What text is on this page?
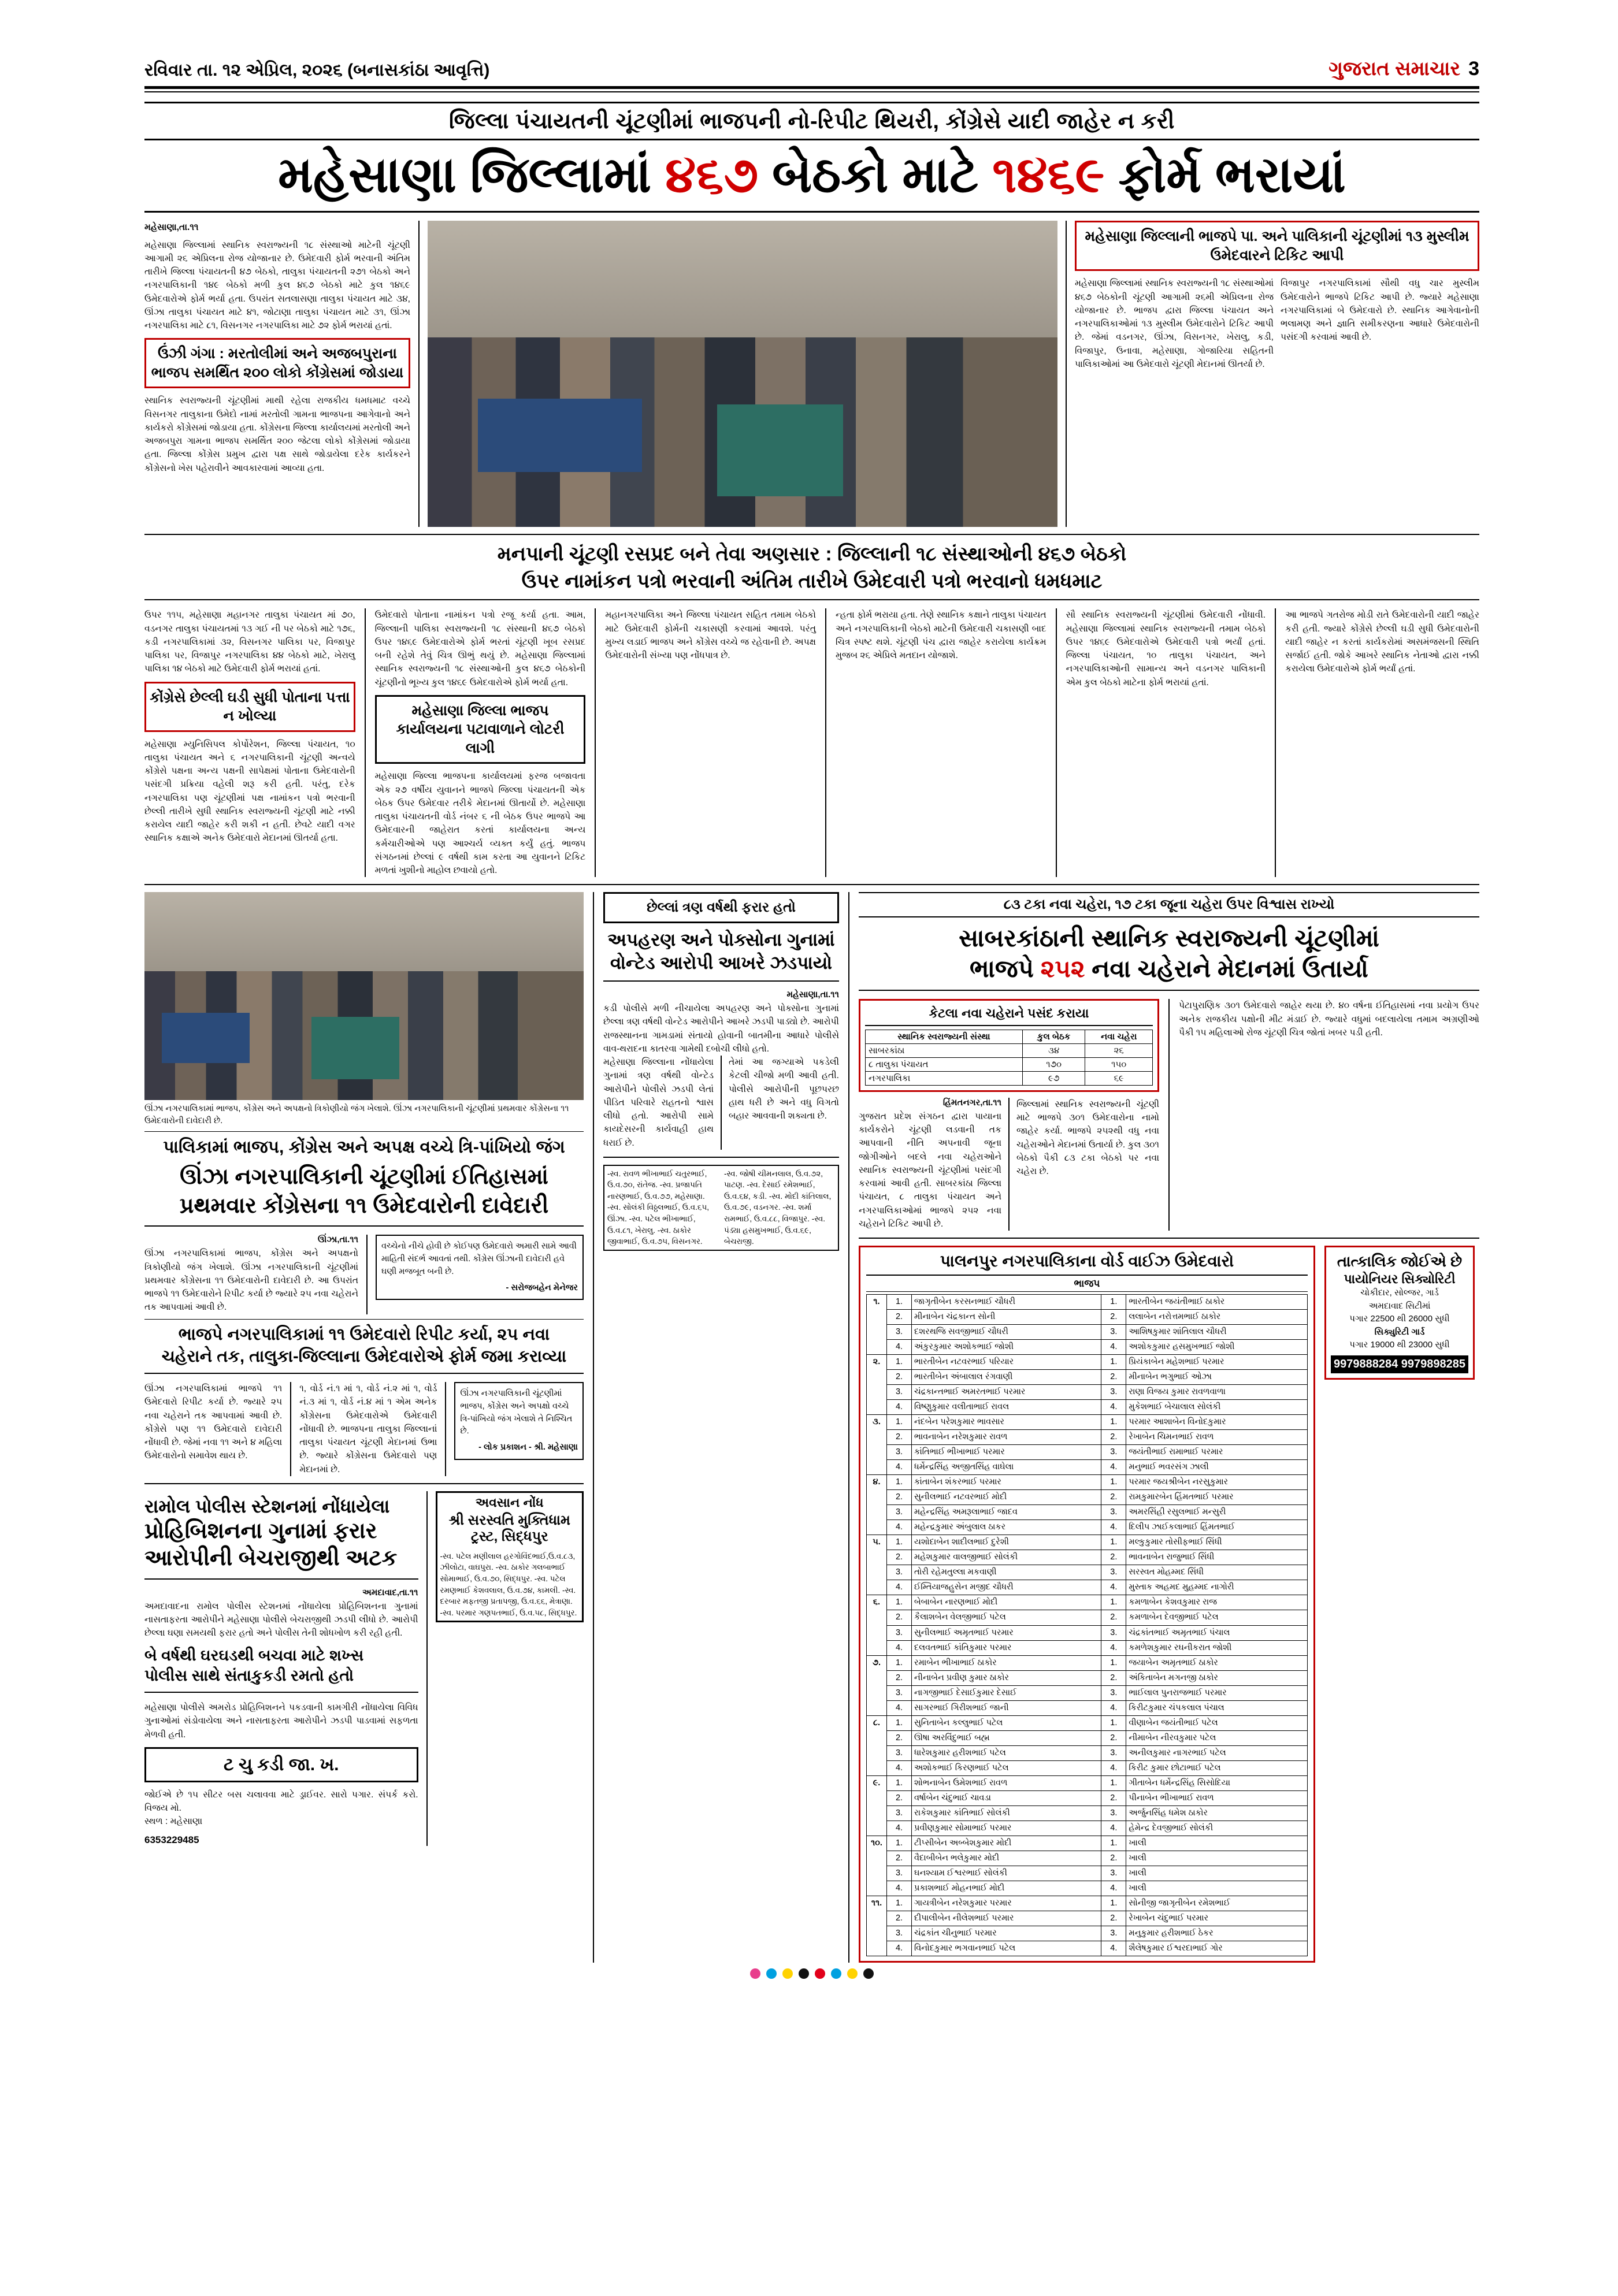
રવિવાર તા. ૧૨ એપ્રિલ, ૨૦૨૬ (બનાસકાંઠા આવૃત્તિ)	ગુજરાત સમાચાર 3
જિલ્લા પંચાયતની ચૂંટણીમાં ભાજપની નો-રિપીટ થિયરી, કોંગ્રેસે યાદી જાહેર ન કરી
મહેસાણા જિલ્લામાં ૪૬૭ બેઠકો માટે ૧૪૬૯ ફોર્મ ભરાયાં

મહેસાણા,તા.૧૧

મહેસાણા જિલ્લામાં સ્થાનિક સ્વરાજ્યની ૧૮ સંસ્થાઓ માટેની ચૂંટણી આગામી ૨૬ એપ્રિલના રોજ યોજાનાર છે. ઉમેદવારી ફોર્મ ભરવાની અંતિમ તારીખે જિલ્લા પંચાયતની ૪૭ બેઠકો, તાલુકા પંચાયતની ૨૭૧ બેઠકો અને નગરપાલિકાની ૧૪૯ બેઠકો મળી કુલ ૪૬૭ બેઠકો માટે કુલ ૧૪૬૯ ઉમેદવારોએ ફોર્મ ભર્યા હતા. ઉપરાંત સતલાસણા તાલુકા પંચાયત માટે ૩૪, ઊંઝા તાલુકા પંચાયત માટે ૪૧, જોટાણા તાલુકા પંચાયત માટે ૩૧, ઊંઝા નગરપાલિકા માટે ૮૧, વિસનગર નગરપાલિકા માટે ૭૨ ફોર્મ ભરાયાં હતાં.

ઉંઝી ગંગા : મરતોલીમાં અને અજબપુરાના ભાજપ સમર્થિત ૨૦૦ લોકો કોંગ્રેસમાં જોડાયા
સ્થાનિક સ્વરાજ્યની ચૂંટણીમાં માથી રહેલા રાજકીય ધમધમાટ વચ્ચે વિસનગર તાલુકાના ઉમેદો નામાં મરતોલી ગામના ભાજપના આગેવાનો અને કાર્યકરો કોંગ્રેસમાં જોડાયા હતા. કોંગ્રેસના જિલ્લા કાર્યાલયમાં મરતોલી અને અજબપુરા ગામના ભાજપ સમર્થિત ૨૦૦ જેટલા લોકો કોંગ્રેસમાં જોડાયા હતા. જિલ્લા કોંગ્રેસ પ્રમુખ દ્વારા પક્ષ સાથે જોડાયેલા દરેક કાર્યકરને કોંગ્રેસનો ખેસ પહેરાવીને આવકારવામાં આવ્યા હતા.
મહેસાણા જિલ્લાની ભાજપે પા. અને પાલિકાની ચૂંટણીમાં ૧૩ મુસ્લીમ ઉમેદવારને ટિકિટ આપી
મહેસાણા જિલ્લામાં સ્થાનિક સ્વરાજ્યની ૧૮ સંસ્થાઓમાં ૪૬૭ બેઠકોની ચૂંટણી આગામી ૨૬મી એપ્રિલના રોજ યોજાનાર છે. ભાજપ દ્વારા જિલ્લા પંચાયત અને નગરપાલિકાઓમાં ૧૩ મુસ્લીમ ઉમેદવારોને ટિકિટ આપી છે. જેમાં વડનગર, ઊંઝા, વિસનગર, ખેરાલુ, કડી, વિજાપુર, ઉનાવા, મહેસાણા, ગોજારિયા સહિતની પાલિકાઓમાં આ ઉમેદવારો ચૂંટણી મેદાનમાં ઊતર્યા છે.
વિજાપુર નગરપાલિકામાં સૌથી વધુ ચાર મુસ્લીમ ઉમેદવારોને ભાજપે ટિકિટ આપી છે. જ્યારે મહેસાણા નગરપાલિકામાં બે ઉમેદવારો છે. સ્થાનિક આગેવાનોની ભલામણ અને જ્ઞાતિ સમીકરણના આધારે ઉમેદવારોની પસંદગી કરવામાં આવી છે.
મનપાની ચૂંટણી રસપ્રદ બને તેવા અણસાર : જિલ્લાની ૧૮ સંસ્થાઓની ૪૬૭ બેઠકો
ઉપર નામાંકન પત્રો ભરવાની અંતિમ તારીખે ઉમેદવારી પત્રો ભરવાનો ધમધમાટ
ઉપર ૧૧૫, મહેસાણા મહાનગર તાલુકા પંચાયત માં ૭૦, વડનગર તાલુકા પંચાયતમાં ૧૩ ગઈ ની પર બેઠકો માટે ૧૭૬, કડી નગરપાલિકામાં ૩૨, વિસનગર પાલિકા પર, વિજાપુર પાલિકા પર, વિજાપુર નગરપાલિકા ૪૪ બેઠકો માટે, ખેરાલુ પાલિકા ૧૪ બેઠકો માટે ઉમેદવારી ફોર્મ ભરાયાં હતાં.
કોંગ્રેસે છેલ્લી ઘડી સુધી પોતાના પત્તા ન ખોલ્યા
મહેસાણા મ્યુનિસિપલ કોર્પોરેશન, જિલ્લા પંચાયત, ૧૦ તાલુકા પંચાયત અને ૬ નગરપાલિકાની ચૂંટણી અન્વયે કોંગ્રેસે પક્ષના અન્ય પક્ષની સાપેક્ષમાં પોતાના ઉમેદવારોની પસંદગી પ્રક્રિયા વહેલી શરૂ કરી હતી. પરંતુ, દરેક નગરપાલિકા પણ ચૂંટણીમાં પક્ષ નામાંકન પત્રો ભરવાની છેલ્લી તારીખે સુધી સ્થાનિક સ્વરાજ્યની ચૂંટણી માટે નક્કી કરાયેલ યાદી જાહેર કરી શકી ન હતી. છેવટે યાદી વગર સ્થાનિક કક્ષાએ અનેક ઉમેદવારો મેદાનમાં ઊતર્યા હતા.
ઉમેદવારો પોતાના નામાંકન પત્રો રજૂ કર્યા હતા. આમ, જિલ્લાની પાલિકા સ્વરાજ્યની ૧૮ સંસ્થાની ૪૬૭ બેઠકો ઉપર ૧૪૬૯ ઉમેદવારોએ ફોર્મ ભરતાં ચૂંટણી ખૂબ રસપ્રદ બની રહેશે તેવું ચિત્ર ઊભું થયું છે. મહેસાણા જિલ્લામાં સ્થાનિક સ્વરાજ્યની ૧૮ સંસ્થાઓની કુલ ૪૬૭ બેઠકોની ચૂંટણીનો ભૂખ્ય કુલ ૧૪૬૯ ઉમેદવારોએ ફોર્મ ભર્યા હતા.
મહેસાણા જિલ્લા ભાજપ કાર્યાલયના પટાવાળાને લોટરી લાગી
મહેસાણા જિલ્લા ભાજપના કાર્યાલયમાં ફરજ બજાવતા એક ૨૭ વર્ષીય યુવાનને ભાજપે જિલ્લા પંચાયતની એક બેઠક ઉપર ઉમેદવાર તરીકે મેદાનમાં ઊતાર્યો છે. મહેસાણા તાલુકા પંચાયતની વોર્ડ નંબર ૬ ની બેઠક ઉપર ભાજપે આ ઉમેદવારની જાહેરાત કરતાં કાર્યાલયના અન્ય કર્મચારીઓએ પણ આશ્ચર્ય વ્યક્ત કર્યું હતું. ભાજપ સંગઠનમાં છેલ્લાં ૯ વર્ષથી કામ કરતા આ યુવાનને ટિકિટ મળતાં ખુશીનો માહોલ છવાયો હતો.
મહાનગરપાલિકા અને જિલ્લા પંચાયત સહિત તમામ બેઠકો માટે ઉમેદવારી ફોર્મની ચકાસણી કરવામાં આવશે. પરંતુ મુખ્ય લડાઈ ભાજપ અને કોંગ્રેસ વચ્ચે જ રહેવાની છે. અપક્ષ ઉમેદવારોની સંખ્યા પણ નોંધપાત્ર છે.
ન્હતા ફોર્મ ભરાયા હતા. તેણે સ્થાનિક કક્ષાને તાલુકા પંચાયત અને નગરપાલિકાની બેઠકો માટેની ઉમેદવારી ચકાસણી બાદ ચિત્ર સ્પષ્ટ થશે. ચૂંટણી પંચ દ્વારા જાહેર કરાયેલા કાર્યક્રમ મુજબ ૨૬ એપ્રિલે મતદાન યોજાશે.
સૌ સ્થાનિક સ્વરાજ્યની ચૂંટણીમાં ઉમેદવારી નોંધાવી. મહેસાણા જિલ્લામાં સ્થાનિક સ્વરાજ્યની તમામ બેઠકો ઉપર ૧૪૬૯ ઉમેદવારોએ ઉમેદવારી પત્રો ભર્યાં હતાં. જિલ્લા પંચાયત, ૧૦ તાલુકા પંચાયત, અને નગરપાલિકાઓની સામાન્ય અને વડનગર પાલિકાની એમ કુલ બેઠકો માટેના ફોર્મ ભરાયાં હતાં.
આ ભાજપે ગતરોજ મોડી રાતે ઉમેદવારોની યાદી જાહેર કરી હતી. જ્યારે કોંગ્રેસે છેલ્લી ઘડી સુધી ઉમેદવારોની યાદી જાહેર ન કરતાં કાર્યકરોમાં અસમંજસની સ્થિતિ સર્જાઈ હતી. જોકે આખરે સ્થાનિક નેતાઓ દ્વારા નક્કી કરાયેલા ઉમેદવારોએ ફોર્મ ભર્યાં હતાં.
ઊંઝા નગરપાલિકામાં ભાજપ, કોંગ્રેસ અને અપક્ષનો ત્રિકોણીયો જંગ ખેલાશે. ઊંઝા નગરપાલિકાની ચૂંટણીમાં પ્રથમવાર કોંગ્રેસના ૧૧ ઉમેદવારોની દાવેદારી છે.
પાલિકામાં ભાજપ, કોંગ્રેસ અને અપક્ષ વચ્ચે ત્રિ-પાંખિયો જંગ
ઊંઝા નગરપાલિકાની ચૂંટણીમાં ઈતિહાસમાં
પ્રથમવાર કોંગ્રેસના ૧૧ ઉમેદવારોની દાવેદારી
ઊંઝા,તા.૧૧
ઊંઝા નગરપાલિકામાં ભાજપ, કોંગ્રેસ અને અપક્ષનો ત્રિકોણીયો જંગ ખેલાશે. ઊંઝા નગરપાલિકાની ચૂંટણીમાં પ્રથમવાર કોંગ્રેસના ૧૧ ઉમેદવારોની દાવેદારી છે. આ ઉપરાંત ભાજપે ૧૧ ઉમેદવારોને રિપીટ કર્યા છે જ્યારે ૨૫ નવા ચહેરાને તક આપવામાં આવી છે.
વચ્ચેનો નીચે હોવી છે કોઈપણ ઉમેદવારો અમારી સામે આવી માહિતી સંદર્ભ આવતાં તથી. કોંગ્રેસ ઊંઝાની દાવેદારી હવે ઘણી મજબૂત બની છે.
- સરોજબહેન મેનેજર
ભાજપે નગરપાલિકામાં ૧૧ ઉમેદવારો રિપીટ કર્યા, ૨૫ નવા
ચહેરાને તક, તાલુકા-જિલ્લાના ઉમેદવારોએ ફોર્મ જમા કરાવ્યા
ઊંઝા નગરપાલિકામાં ભાજપે ૧૧ ઉમેદવારો રિપીટ કર્યા છે. જ્યારે ૨૫ નવા ચહેરાને તક આપવામાં આવી છે. કોંગ્રેસે પણ ૧૧ ઉમેદવારો દાવેદારી નોંધાવી છે. જેમાં નવા ૧૧ અને ૪ મહિલા ઉમેદવારોનો સમાવેશ થાય છે.
૧, વોર્ડ નં.૧ માં ૧, વોર્ડ નં.૨ માં ૧, વોર્ડ નં.૩ માં ૧, વોર્ડ નં.૪ માં ૧ એમ અનેક કોંગ્રેસના ઉમેદવારોએ ઉમેદવારી નોંધાવી છે. ભાજપના તાલુકા જિલ્લાનાં તાલુકા પંચાયત ચૂંટણી મેદાનમાં ઉભા છે. જ્યારે કોંગ્રેસના ઉમેદવારો પણ મેદાનમાં છે.
ઊંઝા નગરપાલિકાની ચૂંટણીમાં ભાજપ, કોંગ્રેસ અને અપક્ષો વચ્ચે ત્રિ-પાંખિયો જંગ ખેલાશે તે નિશ્ચિત છે.
- લોક પ્રકાશન - શ્રી. મહેસાણા
રામોલ પોલીસ સ્ટેશનમાં નોંધાયેલા
પ્રોહિબિશનના ગુનામાં ફરાર
આરોપીની બેચરાજીથી અટક
અમદાવાદ,તા.૧૧
અમદાવાદના રામોલ પોલીસ સ્ટેશનમાં નોંધાયેલા પ્રોહિબિશનના ગુનામાં નાસતાફરતા આરોપીને મહેસાણા પોલીસે બેચરાજીથી ઝડપી લીધો છે. આરોપી છેલ્લા ઘણા સમયથી ફરાર હતો અને પોલીસ તેની શોધખોળ કરી રહી હતી.
બે વર્ષથી ઘરઘડથી બચવા માટે શખ્સ
પોલીસ સાથે સંતાકુકડી રમતો હતો
મહેસાણા પોલીસે અમરોડ પ્રોહિબિશનને પકડવાની કામગીરી નોંધાયેલા વિવિધ ગુનાઓમાં સંડોવાયેલા અને નાસતાફરતા આરોપીને ઝડપી પાડવામાં સફળતા મેળવી હતી.
ટ ચુ કડી જા. ખ.
જોઈએ છે ૧૫ સીટર બસ ચલાવવા માટે ડ્રાઈવર. સારો પગાર. સંપર્ક કરો. વિજય મો.
સ્થળ : મહેસાણા
6353229485
અવસાન નોંધ
શ્રી સરસ્વતિ મુક્તિધામ ટ્રસ્ટ, સિદ્ધપુર
-સ્વ. પટેલ મણીલાલ હરગોવિંદભાઈ,ઉ.વ.૮૩, ઝીલોટા, વાઘપુરા. -સ્વ. ઠાકોર ગલબાભાઈ સોમાભાઈ, ઉ.વ.૭૦, સિદ્ધપુર. -સ્વ. પટેલ રમણભાઈ કેશવલાલ, ઉ.વ.૭૪, કામલી. -સ્વ. દરબાર મફતજી પ્રતાપજી, ઉ.વ.૬૬, મેત્રાણા. -સ્વ. પરમાર ગણપતભાઈ, ઉ.વ.૫૮, સિદ્ધપુર.
છેલ્લાં ત્રણ વર્ષથી ફરાર હતો
અપહરણ અને પોક્સોના ગુનામાં
વોન્ટેડ આરોપી આખરે ઝડપાયો
મહેસાણા,તા.૧૧
કડી પોલીસે મળી નીચાયેલા અપહરણ અને પોક્સોના ગુનામાં છેલ્લા ત્રણ વર્ષથી વોન્ટેડ આરોપીને આખરે ઝડપી પાડ્યો છે. આરોપી રાજસ્થાનના ગામડામાં સંતાયો હોવાની બાતમીના આધારે પોલીસે વાવ-થરાદના કાતરવા ગામેથી દબોચી લીધો હતો.
મહેસાણા જિલ્લાના નોંધાયેલા ગુનામાં ત્રણ વર્ષથી વોન્ટેડ આરોપીને પોલીસે ઝડપી લેતાં પીડિત પરિવારે રાહતનો શ્વાસ લીધો હતો. આરોપી સામે કાયદેસરની કાર્યવાહી હાથ ધરાઈ છે.
તેમાં આ જગ્યાએ પકડેલી કેટલી ચીજો મળી આવી હતી. પોલીસે આરોપીની પૂછપરછ હાથ ધરી છે અને વધુ વિગતો બહાર આવવાની શક્યતા છે.
-સ્વ. રાવળ ભીખાભાઈ ચતુરભાઈ, ઉ.વ.૭૦, રાંતેજ. -સ્વ. પ્રજાપતિ નારણભાઈ, ઉ.વ.૭૭, મહેસાણા. -સ્વ. સોલંકી વિઠ્ઠલભાઈ, ઉ.વ.૬૫, ઊંઝા. -સ્વ. પટેલ ભીખાભાઈ, ઉ.વ.૮૧, ખેરાલુ. -સ્વ. ઠાકોર જીવાભાઈ, ઉ.વ.૭૫, વિસનગર.
-સ્વ. જોષી ચીમનલાલ, ઉ.વ.૭૨, પાટણ. -સ્વ. દેસાઈ રમેશભાઈ, ઉ.વ.૬૪, કડી. -સ્વ. મોદી કાંતિલાલ, ઉ.વ.૭૯, વડનગર. -સ્વ. શર્મા રામભાઈ, ઉ.વ.૮૮, વિજાપુર. -સ્વ. પંડ્યા હસમુખભાઈ, ઉ.વ.૬૯, બેચરાજી.
૮૩ ટકા નવા ચહેરા, ૧૭ ટકા જૂના ચહેરા ઉપર વિશ્વાસ રાખ્યો
સાબરકાંઠાની સ્થાનિક સ્વરાજ્યની ચૂંટણીમાં
ભાજપે ૨૫૨ નવા ચહેરાને મેદાનમાં ઉતાર્યા
કેટલા નવા ચહેરાને પસંદ કરાયા
સ્થાનિક સ્વરાજ્યની સંસ્થા	કુલ બેઠક	નવા ચહેરા
સાબરકાંઠા	૩૪	૨૬
૮ તાલુકા પંચાયત	૧૭૦	૧૫૦
નગરપાલિકા	૯૭	૬૯
હિંમતનગર,તા.૧૧
ગુજરાત પ્રદેશ સંગઠન દ્વારા પાયાના કાર્યકરોને ચૂંટણી લડવાની તક આપવાની નીતિ અપનાવી જૂના જોગીઓને બદલે નવા ચહેરાઓને સ્થાનિક સ્વરાજ્યની ચૂંટણીમાં પસંદગી કરવામાં આવી હતી. સાબરકાંઠા જિલ્લા પંચાયત, ૮ તાલુકા પંચાયત અને નગરપાલિકાઓમાં ભાજપે ૨૫૨ નવા ચહેરાને ટિકિટ આપી છે.
જિલ્લામાં સ્થાનિક સ્વરાજ્યની ચૂંટણી માટે ભાજપે ૩૦૧ ઉમેદવારોના નામો જાહેર કર્યા. ભાજપે ૨૫૨થી વધુ નવા ચહેરાઓને મેદાનમાં ઉતાર્યા છે. કુલ ૩૦૧ બેઠકો પૈકી ૮૩ ટકા બેઠકો પર નવા ચહેરા છે.
પેટાપુરાણિક ૩૦૧ ઉમેદવારો જાહેર થયા છે. ૪૦ વર્ષના ઈતિહાસમાં નવા પ્રયોગ ઉપર અનેક રાજકીય પક્ષોની મીટ મંડાઈ છે. જ્યારે વધુમાં બદલાયેલા તમામ અગ્રણીઓ પૈકી ૧૫ મહિલાઓ રોજ ચૂંટણી ચિત્ર જોતાં ખબર પડી હતી.
પાલનપુર નગરપાલિકાના વોર્ડ વાઈઝ ઉમેદવારો
ભાજપ
૧.	1.	જાગૃતીબેન કરસનભાઈ ચૌધરી	1.	ભારતીબેન જયંતીભાઈ ઠાકોર
	2.	મીનાબેન ચંદ્રકાન્ત સોની	2.	લલાબેન નરોત્તમભાઈ ઠાકોર
	3.	દશરથજિ સવજીભાઈ ચૌધરી	3.	આશિષકુમાર શાંતિલાલ ચૌધરી
	4.	અંકુરકુમાર અશોકભાઈ જોશી	4.	અશોકકુમાર હસમુખભાઈ જોશી
૨.	1.	ભારતીબેન નટવરભાઈ પરિયાર	1.	પ્રિયંકાબેન મહેશભાઈ પરમાર
	2.	ભારતીબેન અંબાલાલ રંગવાણી	2.	મીનાબેન ભગુભાઈ ઓઝા
	3.	ચંદ્રકાન્તભાઈ અમરતભાઈ પરમાર	3.	રાણા વિજય કુમાર રાવળવાળા
	4.	વિષ્ણુકુમાર વલીતાભાઈ રાવલ	4.	મુકેશભાઈ બેચાલાલ સોલંકી
૩.	1.	નંદબેન પરેશકુમાર ભાવસાર	1.	પરમાર આશાબેન વિનોદકુમાર
	2.	ભાવનાબેન નરેશકુમાર રાવળ	2.	રેખાબેન ચિમનભાઈ રાવળ
	3.	કાંતિભાઈ ભીખાભાઈ પરમાર	3.	જયંતીભાઈ રામાભાઈ પરમાર
	4.	ધર્મેન્દ્રસિંહ અજીતસિંહ વાઘેલા	4.	મનુભાઈ ભવરસંગ ઝાલી
૪.	1.	કાંતાબેન શંકરભાઈ પરમાર	1.	પરમાર જયશ્રીબેન નરસુકુમાર
	2.	સુનીલભાઈ નટવરભાઈ મોદી	2.	રામકુમારબેન હિંમતભાઈ પરમાર
	3.	મહેન્દ્રસિંહ અમરૂલાભાઈ જાદવ	3.	અમરસિંહી રસુલભાઈ મન્સુરી
	4.	મહેન્દ્રકુમાર અંબુલાલ ઠાકર	4.	દિલીપ ઝાઈકલાભાઈ હિંમતભાઈ
૫.	1.	યશોદાબેન શાદીલભાઈ દુરેશી	1.	મલ્કુકુમાર તોસીફભાઈ સિંધી
	2.	મહેશકુમાર વાલજીભાઈ સોલંકી	2.	ભાવનાબેન રાજુભાઈ સિંધી
	3.	તોરી રહેમતુલ્લા મકવાણી	3.	સરસ્વત મોહમ્મદ સિંધી
	4.	ઈમ્તિયાજહુસેન મજીદ ચૌધરી	4.	મુસ્તાક અહમદ મુહમ્મદ નાગોરી
૬.	1.	બેબાબેન નારણભાઈ મોદી	1.	કમળાબેન કેશવકુમાર રાજ
	2.	કૈલાશબેન વેલજીભાઈ પટેલ	2.	કમળાબેન દેવજીભાઈ પટેલ
	3.	સુનીલભાઈ અમૃતભાઈ પરમાર	3.	ચંદ્રકાંતભાઈ અમૃતભાઈ પંચાલ
	4.	દલવતભાઈ કાંતિકુમાર પરમાર	4.	કમળેશકુમાર રઘનીકરાત જોશી
૭.	1.	રમાબેન ભીખાભાઈ ઠાકોર	1.	જયાબેન અમૃતભાઈ ઠાકોર
	2.	નીનાબેન પ્રવીણ કુમાર ઠાકોર	2.	અંકિતાબેન મગનજી ઠાકોર
	3.	નાગજીભાઈ દેસાઈકુમાર દેસાઈ	3.	ભાઈલાલ પુનરાજભાઈ પરમાર
	4.	સાગરભાઈ ગિરીશભાઈ જાની	4.	કિરીટકુમાર ચંપકલાલ પંચાલ
૮.	1.	સુનિતાબેન કલ્લુભાઈ પટેલ	1.	વીણાબેન જયંતીભાઈ પટેલ
	2.	ઊષા અરવિંદુભાઈ બહ્મ	2.	નીમાબેન નીરવકુમાર પટેલ
	3.	ધારેશકુમાર હરીશભાઈ પટેલ	3.	અનીલકુમાર નાગરભાઈ પટેલ
	4.	અશોકભાઈ કિરણભાઈ પટેલ	4.	કિરીટ કુમાર છોટાભાઈ પટેલ
૯.	1.	શોભનાબેન ઉમેશભાઈ રાવળ	1.	ગીતાબેન ધર્મેન્દ્રસિંહ સિસોદિયા
	2.	વર્ષાબેન ચંદુભાઈ ચાવડા	2.	પીનાબેન ભીખાભાઈ રાવળ
	3.	રાકેશકુમાર કાંતિભાઈ સોલંકી	3.	અર્જુનસિંહ ધમેશ ઠાકોર
	4.	પ્રવીણકુમાર સોમાભાઈ પરમાર	4.	હેમેન્દ્ર દેવજીભાઈ સોલંકી
૧૦.	1.	ટીપ્સીબેન અબ્બેશકુમાર મોદી	1.	ખાલી
	2.	વૈદાબીબેન ભલેકુમાર મોદી	2.	ખાલી
	3.	ઘનશ્યામ ઈશ્વરભાઈ સોલંકી	3.	ખાલી
	4.	પ્રકાશભાઈ મોહનભાઈ મોદી	4.	ખાલી
૧૧.	1.	ગાયત્રીબેન નરેશકુમાર પરમાર	1.	સોનીજી જાગૃતીબેન રમેશભાઈ
	2.	દીપાલીબેન નીલેશભાઈ પરમાર	2.	રેખાબેન ચંદુભાઈ પરમાર
	3.	ચંદ્રકાંત ચીનુભાઈ પરમાર	3.	મનુકુમાર હરીશભાઈ ઠેકર
	4.	વિનોદકુમાર ભગવાનભાઈ પટેલ	4.	શૈલેષકુમાર ઈશ્વરદાભાઈ ગોર
તાત્કાલિક જોઈએ છે
પાયોનિયર સિક્યોરિટી
ચોકીદાર, સોલ્જર, ગાર્ડ
અમદાવાદ સિટીમાં
પગાર 22500 થી 26000 સુધી
સિક્યુરિટી ગાર્ડ
પગાર 19000 થી 23000 સુધી
9979888284 9979898285
